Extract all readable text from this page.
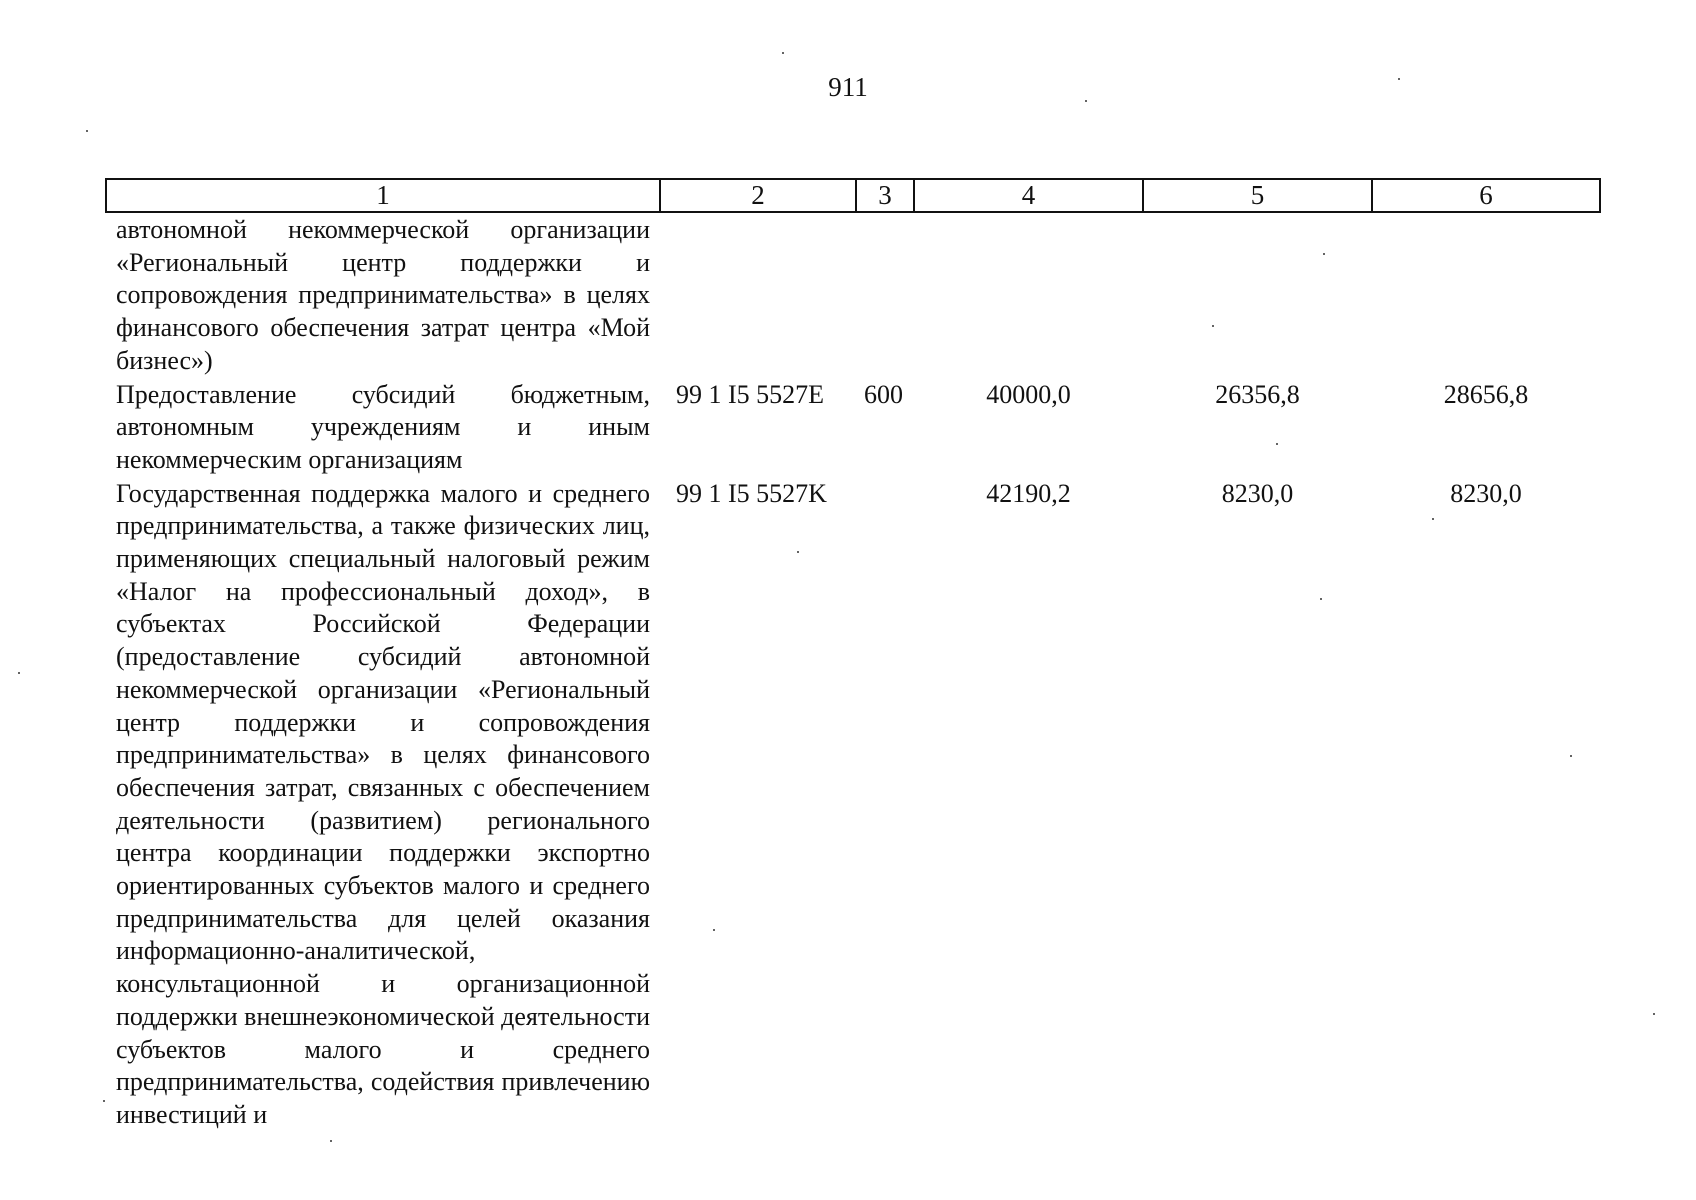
911
1	2	3	4	5	6
автономной некоммерческой организации «Региональный центр поддержки и сопровождения предпринимательства» в целях финансового обеспечения затрат центра «Мой бизнес»)					
Предоставление субсидий бюджетным, автономным учреждениям и иным некоммерческим организациям	99 1 I5 5527E	600	40000,0	26356,8	28656,8
Государственная поддержка малого и среднего предпринимательства, а также физических лиц, применяющих специальный налоговый режим «Налог на профессиональный доход», в субъектах Российской Федерации (предоставление субсидий автономной некоммерческой организации «Региональный центр поддержки и сопровождения предпринимательства» в целях финансового обеспечения затрат, связанных с обеспечением деятельности (развитием) регионального центра координации поддержки экспортно ориентированных субъектов малого и среднего предпринимательства для целей оказания информационно-аналитической, консультационной и организационной поддержки внешнеэкономической деятельности субъектов малого и среднего предпринимательства, содействия привлечению инвестиций и	99 1 I5 5527K		42190,2	8230,0	8230,0
